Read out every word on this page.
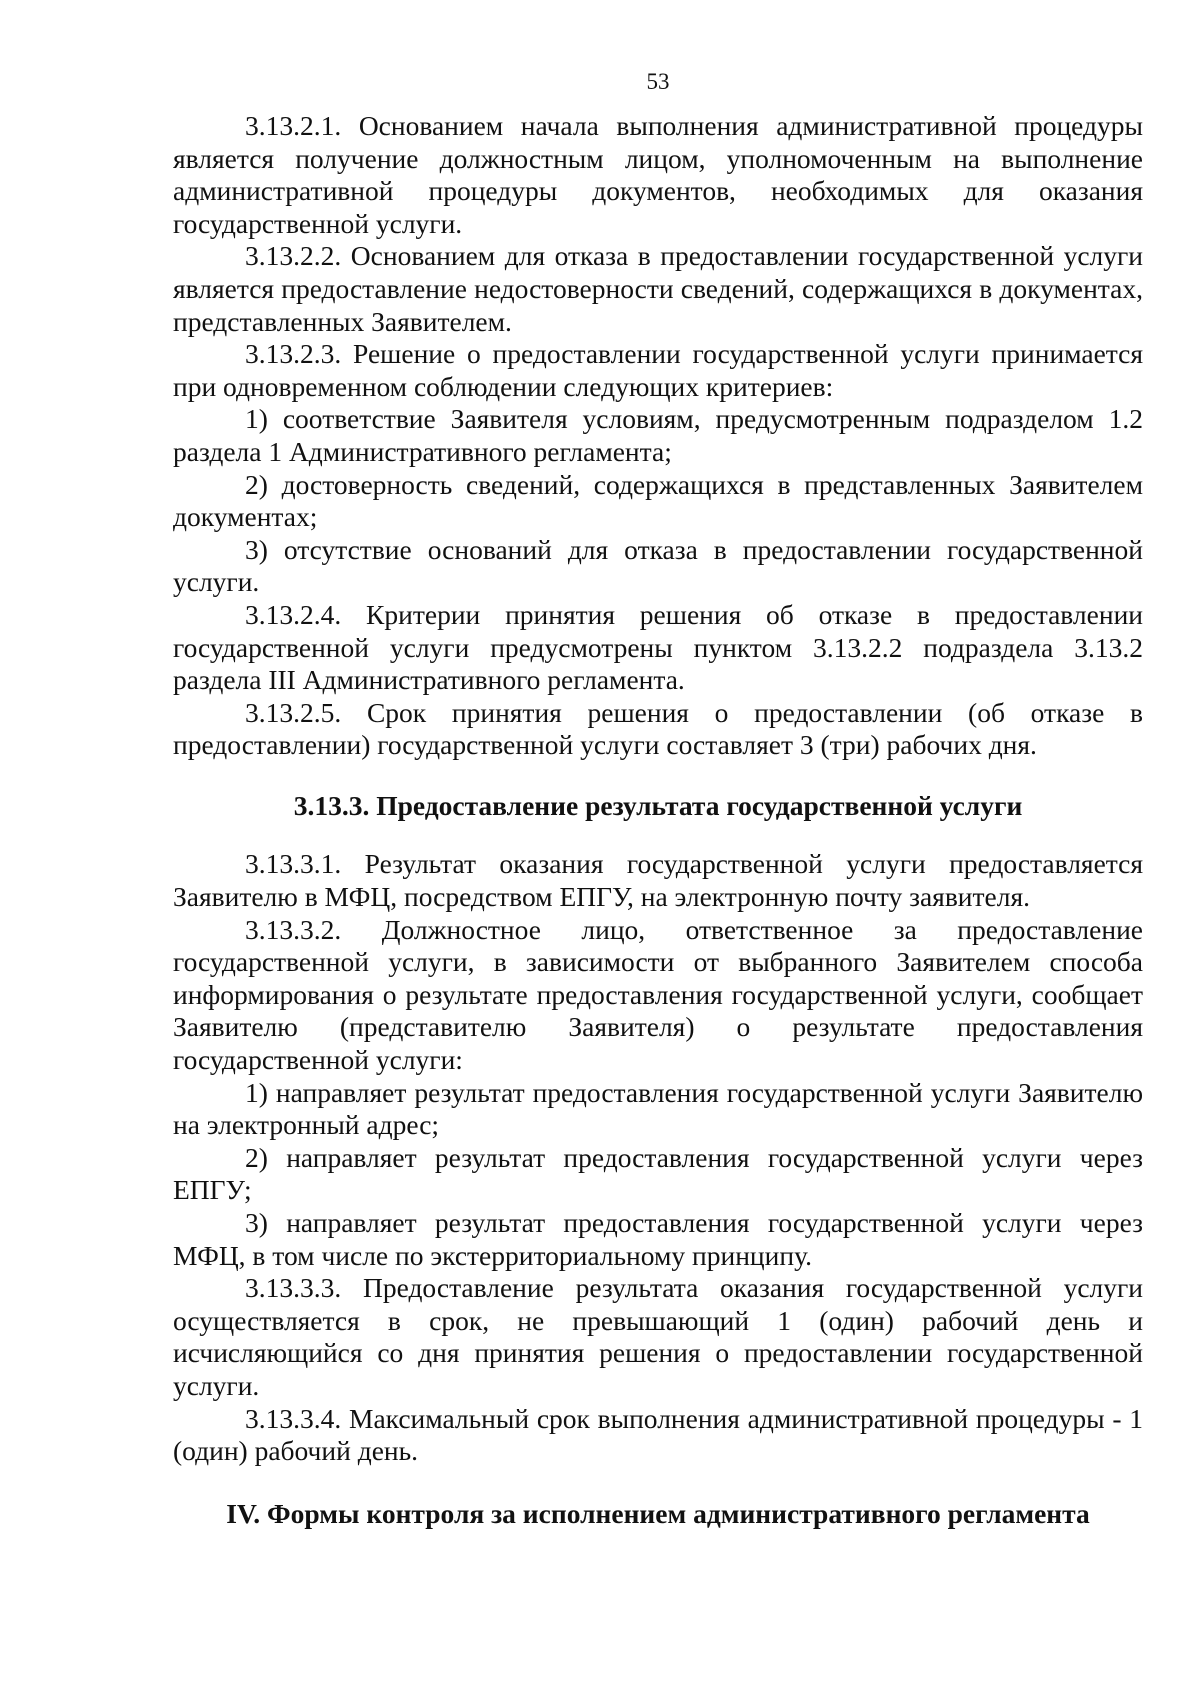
53

3.13.2.1. Основанием начала выполнения административной процедуры является получение должностным лицом, уполномоченным на выполнение административной процедуры документов, необходимых для оказания государственной услуги.

3.13.2.2. Основанием для отказа в предоставлении государственной услуги является предоставление недостоверности сведений, содержащихся в документах, представленных Заявителем.

3.13.2.3. Решение о предоставлении государственной услуги принимается при одновременном соблюдении следующих критериев:

1) соответствие Заявителя условиям, предусмотренным подразделом 1.2 раздела 1 Административного регламента;

2) достоверность сведений, содержащихся в представленных Заявителем документах;

3) отсутствие оснований для отказа в предоставлении государственной услуги.

3.13.2.4. Критерии принятия решения об отказе в предоставлении государственной услуги предусмотрены пунктом 3.13.2.2 подраздела 3.13.2 раздела III Административного регламента.

3.13.2.5. Срок принятия решения о предоставлении (об отказе в предоставлении) государственной услуги составляет 3 (три) рабочих дня.

3.13.3. Предоставление результата государственной услуги

3.13.3.1. Результат оказания государственной услуги предоставляется Заявителю в МФЦ, посредством ЕПГУ, на электронную почту заявителя.

3.13.3.2. Должностное лицо, ответственное за предоставление государственной услуги, в зависимости от выбранного Заявителем способа информирования о результате предоставления государственной услуги, сообщает Заявителю (представителю Заявителя) о результате предоставления государственной услуги:

1) направляет результат предоставления государственной услуги Заявителю на электронный адрес;

2) направляет результат предоставления государственной услуги через ЕПГУ;

3) направляет результат предоставления государственной услуги через МФЦ, в том числе по экстерриториальному принципу.

3.13.3.3. Предоставление результата оказания государственной услуги осуществляется в срок, не превышающий 1 (один) рабочий день и исчисляющийся со дня принятия решения о предоставлении государственной услуги.

3.13.3.4. Максимальный срок выполнения административной процедуры - 1 (один) рабочий день.

IV. Формы контроля за исполнением административного регламента
